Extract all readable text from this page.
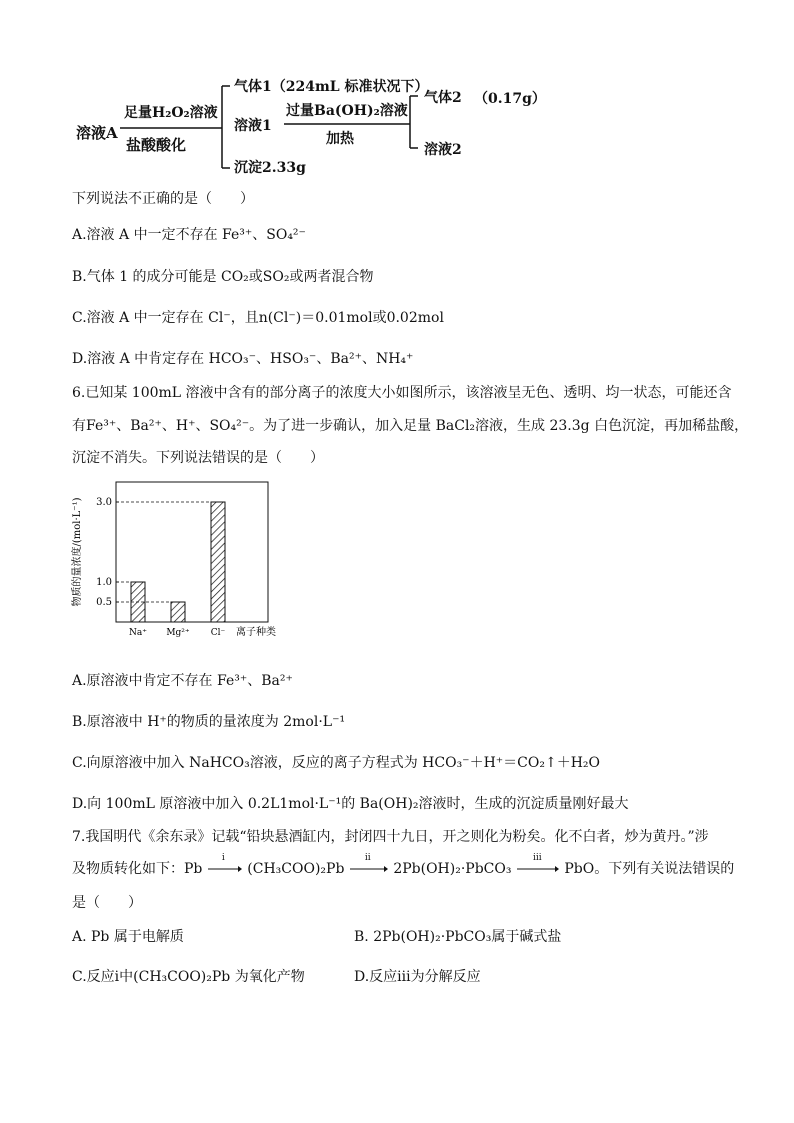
溶液A
足量H₂O₂溶液
盐酸酸化
气体1（224mL 标准状况下）
溶液1
沉淀2.33g
过量Ba(OH)₂溶液
加热
气体2 （0.17g）
溶液2
下列说法不正确的是（　　）
A.溶液 A 中一定不存在 Fe³⁺、SO₄²⁻
B.气体 1 的成分可能是 CO₂或SO₂或两者混合物
C.溶液 A 中一定存在 Cl⁻，且n(Cl⁻)＝0.01mol或0.02mol
D.溶液 A 中肯定存在 HCO₃⁻、HSO₃⁻、Ba²⁺、NH₄⁺
6.已知某 100mL 溶液中含有的部分离子的浓度大小如图所示，该溶液呈无色、透明、均一状态，可能还含
有Fe³⁺、Ba²⁺、H⁺、SO₄²⁻。为了进一步确认，加入足量 BaCl₂溶液，生成 23.3g 白色沉淀，再加稀盐酸，
沉淀不消失。下列说法错误的是（　　）
物质的量浓度/(mol·L⁻¹)
Na⁺ Mg²⁺ Cl⁻
0.5
1.0
3.0
离子种类
A.原溶液中肯定不存在 Fe³⁺、Ba²⁺
B.原溶液中 H⁺的物质的量浓度为 2mol·L⁻¹
C.向原溶液中加入 NaHCO₃溶液，反应的离子方程式为 HCO₃⁻＋H⁺＝CO₂↑＋H₂O
D.向 100mL 原溶液中加入 0.2L1mol·L⁻¹的 Ba(OH)₂溶液时，生成的沉淀质量刚好最大
7.我国明代《余东录》记载“铅块悬酒缸内，封闭四十九日，开之则化为粉矣。化不白者，炒为黄丹。”涉
及物质转化如下：Pb
i
(CH₃COO)₂Pb
ii
2Pb(OH)₂·PbCO₃
iii
PbO。下列有关说法错误的
是（　　）
A. Pb 属于电解质	B. 2Pb(OH)₂·PbCO₃属于碱式盐
C.反应ⅰ中(CH₃COO)₂Pb 为氧化产物	D.反应ⅲ为分解反应
